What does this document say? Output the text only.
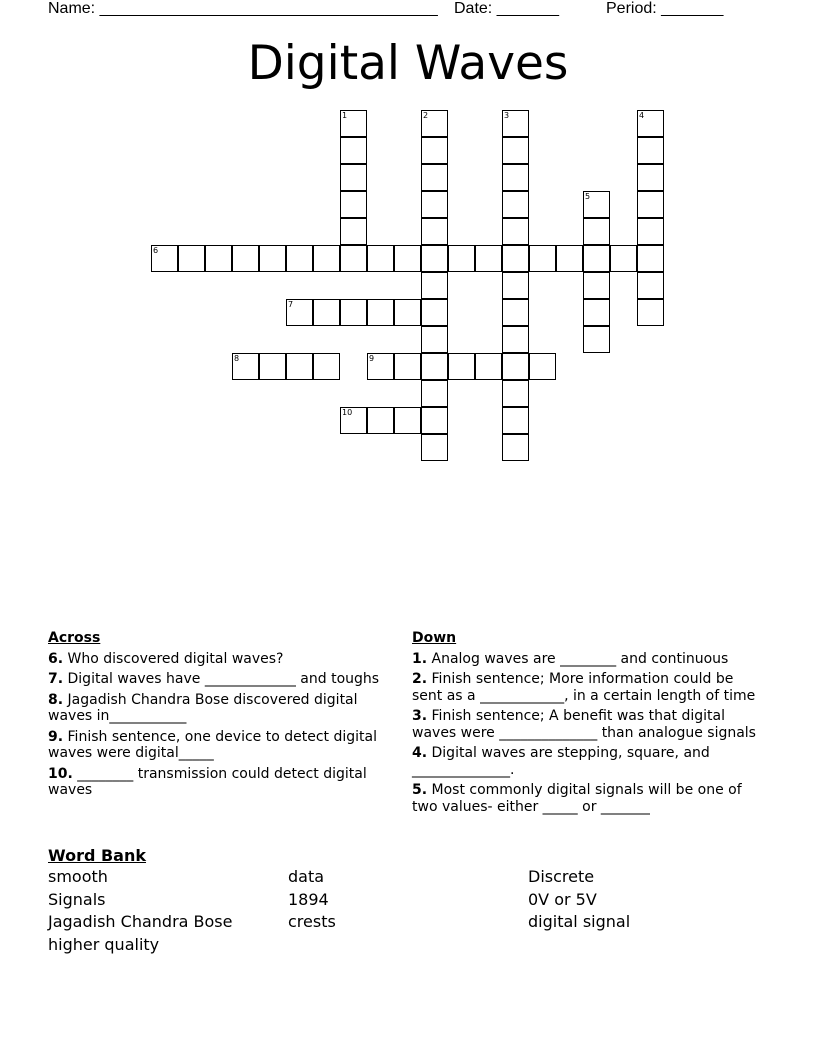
Name: ______________________________________ Date: _______	Period: _______
Digital Waves
1	2	3	4
5
6
7
8	9
10
Across
6. Who discovered digital waves?
7. Digital waves have _____________ and toughs
8. Jagadish Chandra Bose discovered digital waves in___________
9. Finish sentence, one device to detect digital waves were digital_____
10. ________ transmission could detect digital waves
Down
1. Analog waves are ________ and continuous
2. Finish sentence; More information could be sent as a ____________, in a certain length of time
3. Finish sentence; A benefit was that digital waves were ______________ than analogue signals
4. Digital waves are stepping, square, and ______________.
5. Most commonly digital signals will be one of two values- either _____ or _______
Word Bank
smooth	data	Discrete
Signals	1894	0V or 5V
Jagadish Chandra Bose	crests	digital signal
higher quality
